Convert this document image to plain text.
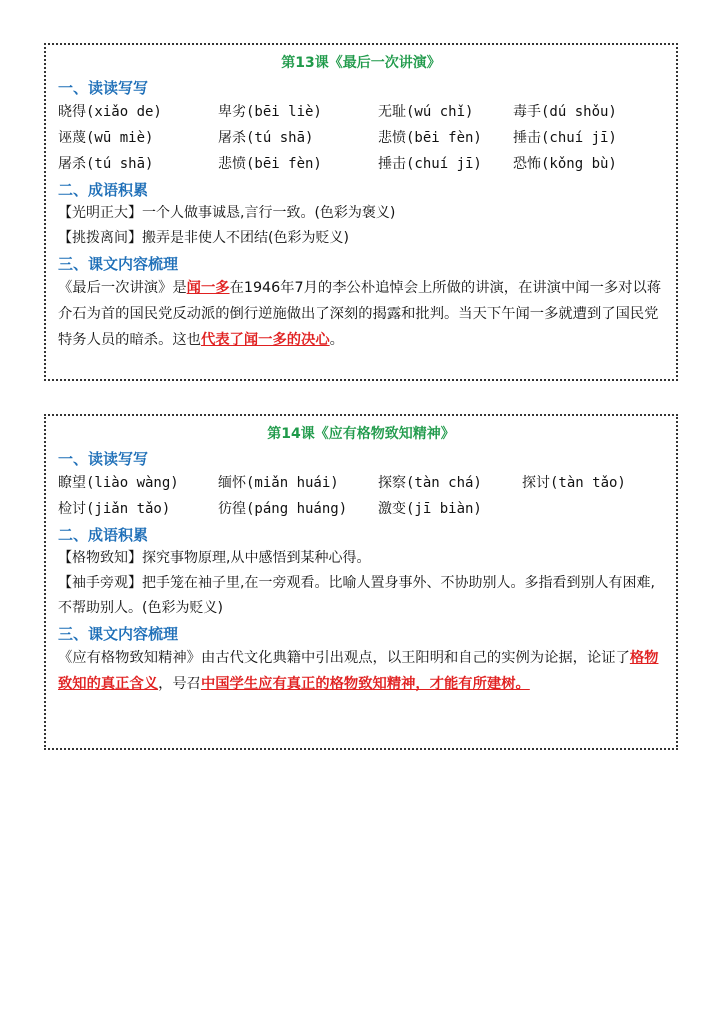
第13课《最后一次讲演》
一、读读写写
晓得(xiǎo de)	卑劣(bēi liè)	无耻(wú chǐ)	毒手(dú shǒu)
诬蔑(wū miè)	屠杀(tú shā)	悲愤(bēi fèn)	捶击(chuí jī)
屠杀(tú shā)	悲愤(bēi fèn)	捶击(chuí jī)	恐怖(kǒng bù)
二、成语积累
【光明正大】一个人做事诚恳,言行一致。(色彩为褒义)
【挑拨离间】搬弄是非使人不团结(色彩为贬义)
三、课文内容梳理
《最后一次讲演》是闻一多在1946年7月的李公朴追悼会上所做的讲演，在讲演中闻一多对以蒋介石为首的国民党反动派的倒行逆施做出了深刻的揭露和批判。当天下午闻一多就遭到了国民党特务人员的暗杀。这也代表了闻一多的决心。
第14课《应有格物致知精神》
一、读读写写
瞭望(liào wàng)	缅怀(miǎn huái)	探察(tàn chá)	探讨(tàn tǎo)
检讨(jiǎn tǎo)	彷徨(páng huáng)	激变(jī biàn)
二、成语积累
【格物致知】探究事物原理,从中感悟到某种心得。
【袖手旁观】把手笼在袖子里,在一旁观看。比喻人置身事外、不协助别人。多指看到别人有困难,不帮助别人。(色彩为贬义)
三、课文内容梳理
《应有格物致知精神》由古代文化典籍中引出观点，以王阳明和自己的实例为论据，论证了格物致知的真正含义，号召中国学生应有真正的格物致知精神，才能有所建树。
